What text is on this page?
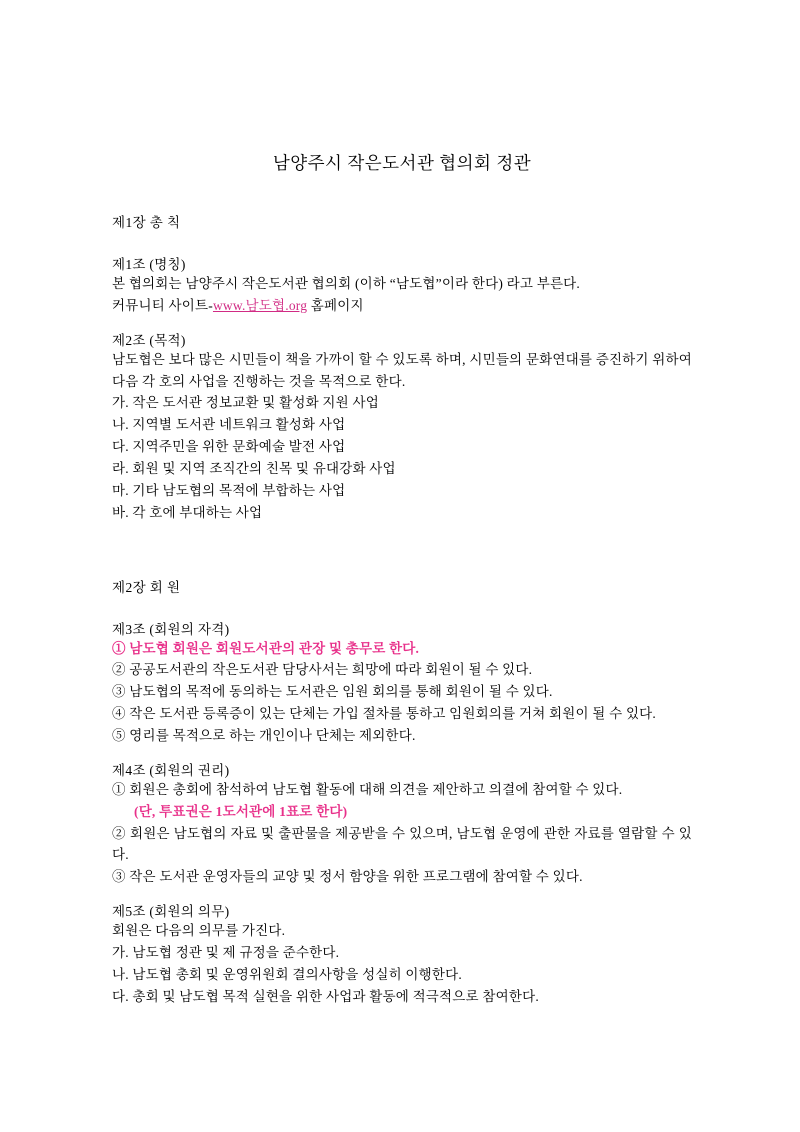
남양주시 작은도서관 협의회 정관
제1장 총 칙

제1조 (명칭)

본 협의회는 남양주시 작은도서관 협의회 (이하 “남도협”이라 한다) 라고 부른다.

커뮤니티 사이트-www.남도협.org 홈페이지

제2조 (목적)

남도협은 보다 많은 시민들이 책을 가까이 할 수 있도록 하며, 시민들의 문화연대를 증진하기 위하여 다음 각 호의 사업을 진행하는 것을 목적으로 한다.

가. 작은 도서관 정보교환 및 활성화 지원 사업

나. 지역별 도서관 네트워크 활성화 사업

다. 지역주민을 위한 문화예술 발전 사업

라. 회원 및 지역 조직간의 친목 및 유대강화 사업

마. 기타 남도협의 목적에 부합하는 사업

바. 각 호에 부대하는 사업

제2장 회 원

제3조 (회원의 자격)

① 남도협 회원은 회원도서관의 관장 및 총무로 한다.

② 공공도서관의 작은도서관 담당사서는 희망에 따라 회원이 될 수 있다.

③ 남도협의 목적에 동의하는 도서관은 임원 회의를 통해 회원이 될 수 있다.

④ 작은 도서관 등록증이 있는 단체는 가입 절차를 통하고 임원회의를 거쳐 회원이 될 수 있다.

⑤ 영리를 목적으로 하는 개인이나 단체는 제외한다.

제4조 (회원의 권리)

① 회원은 총회에 참석하여 남도협 활동에 대해 의견을 제안하고 의결에 참여할 수 있다.

(단, 투표권은 1도서관에 1표로 한다)

② 회원은 남도협의 자료 및 출판물을 제공받을 수 있으며, 남도협 운영에 관한 자료를 열람할 수 있다.

③ 작은 도서관 운영자들의 교양 및 정서 함양을 위한 프로그램에 참여할 수 있다.

제5조 (회원의 의무)

회원은 다음의 의무를 가진다.

가. 남도협 정관 및 제 규정을 준수한다.

나. 남도협 총회 및 운영위원회 결의사항을 성실히 이행한다.

다. 총회 및 남도협 목적 실현을 위한 사업과 활동에 적극적으로 참여한다.
